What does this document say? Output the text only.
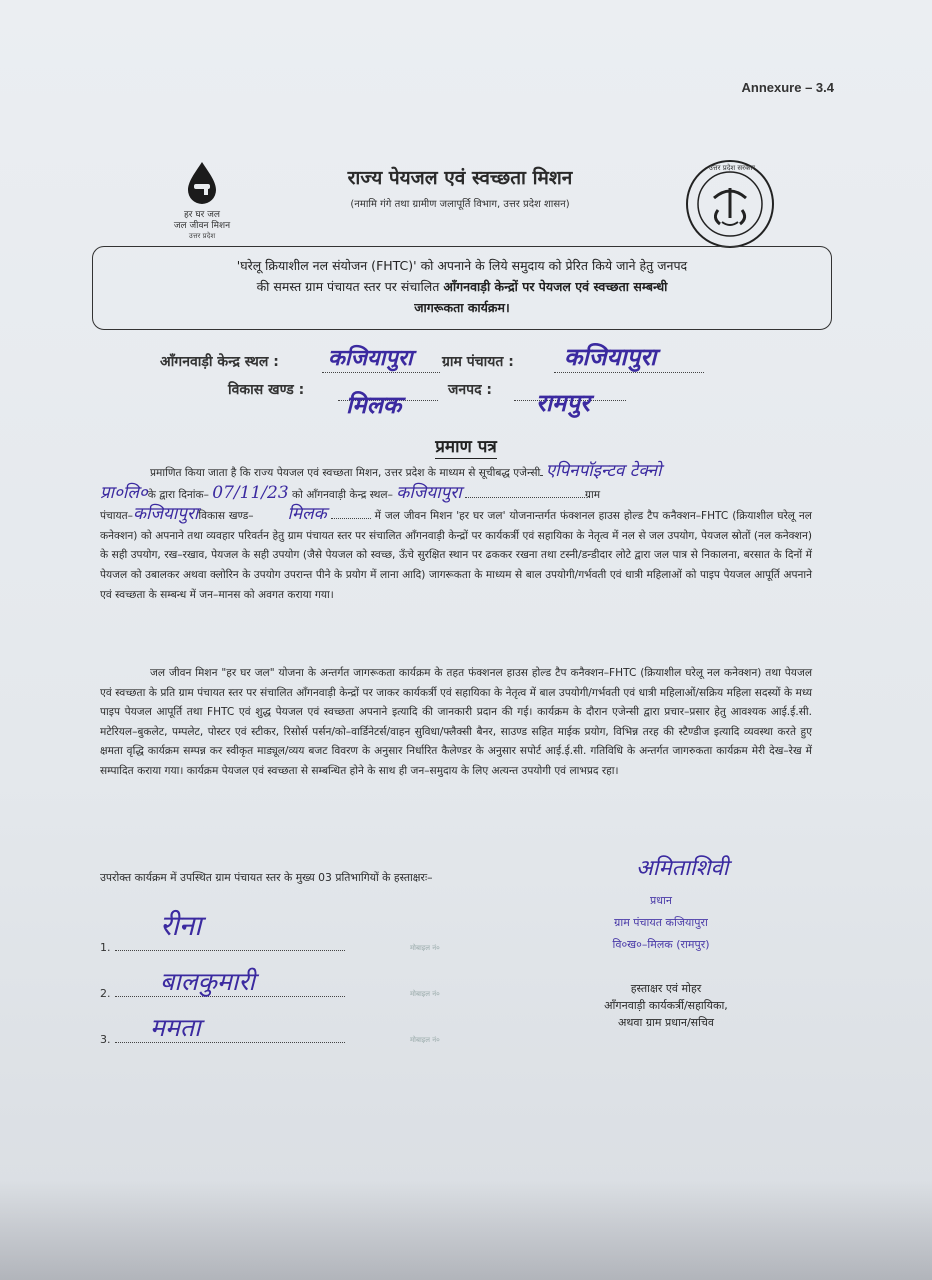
Annexure – 3.4
हर घर जल
जल जीवन मिशन
उत्तर प्रदेश
राज्य पेयजल एवं स्वच्छता मिशन
(नमामि गंगे तथा ग्रामीण जलापूर्ति विभाग, उत्तर प्रदेश शासन)
उत्तर प्रदेश सरकार
'घरेलू क्रियाशील नल संयोजन (FHTC)' को अपनाने के लिये समुदाय को प्रेरित किये जाने हेतु जनपद
की समस्त ग्राम पंचायत स्तर पर संचालित आँगनवाड़ी केन्द्रों पर पेयजल एवं स्वच्छता सम्बन्धी
जागरूकता कार्यक्रम।
आँगनवाड़ी केन्द्र स्थल : कजियापुरा ग्राम पंचायत : कजियापुरा
विकास खण्ड : मिलक	जनपद : रामपुर
प्रमाण पत्र
प्रमाणित किया जाता है कि राज्य पेयजल एवं स्वच्छता मिशन, उत्तर प्रदेश के माध्यम से सूचीबद्ध एजेन्सी एपिनपॉइन्टव टेक्नो
प्रा०लि०के द्वारा दिनांक– 07/11/23 को आँगनवाड़ी केन्द्र स्थल– कजियापुरा	ग्राम
पंचायत–कजियापुराविकास खण्ड– मिलक	में जल जीवन मिशन 'हर घर जल' योजनान्तर्गत फंक्शनल हाउस होल्ड टैप कनैक्शन–FHTC (क्रियाशील घरेलू नल कनेक्शन) को अपनाने तथा व्यवहार परिवर्तन हेतु ग्राम पंचायत स्तर पर संचालित आँगनवाड़ी केन्द्रों पर कार्यकर्त्री एवं सहायिका के नेतृत्व में नल से जल उपयोग, पेयजल स्रोतों (नल कनेक्शन) के सही उपयोग, रख–रखाव, पेयजल के सही उपयोग (जैसे पेयजल को स्वच्छ, ऊँचे सुरक्षित स्थान पर ढककर रखना तथा टस्नी/डन्डीदार लोटे द्वारा जल पात्र से निकालना, बरसात के दिनों में पेयजल को उबालकर अथवा क्लोरिन के उपयोग उपरान्त पीने के प्रयोग में लाना आदि) जागरूकता के माध्यम से बाल उपयोगी/गर्भवती एवं धात्री महिलाओं को पाइप पेयजल आपूर्ति अपनाने एवं स्वच्छता के सम्बन्ध में जन–मानस को अवगत कराया गया।
जल जीवन मिशन "हर घर जल" योजना के अन्तर्गत जागरूकता कार्यक्रम के तहत फंक्शनल हाउस होल्ड टैप कनैक्शन–FHTC (क्रियाशील घरेलू नल कनेक्शन) तथा पेयजल एवं स्वच्छता के प्रति ग्राम पंचायत स्तर पर संचालित आँगनवाड़ी केन्द्रों पर जाकर कार्यकर्त्री एवं सहायिका के नेतृत्व में बाल उपयोगी/गर्भवती एवं धात्री महिलाओं/सक्रिय महिला सदस्यों के मध्य पाइप पेयजल आपूर्ति तथा FHTC एवं शुद्ध पेयजल एवं स्वच्छता अपनाने इत्यादि की जानकारी प्रदान की गई। कार्यक्रम के दौरान एजेन्सी द्वारा प्रचार–प्रसार हेतु आवश्यक आई.ई.सी. मटेरियल–बुकलेट, पम्पलेट, पोस्टर एवं स्टीकर, रिसोर्स पर्सन/को–वार्डिनेटर्स/वाहन सुविधा/फ्लैक्सी बैनर, साउण्ड सहित माईक प्रयोग, विभिन्न तरह की स्टैण्डीज इत्यादि व्यवस्था करते हुए क्षमता वृद्धि कार्यक्रम सम्पन्न कर स्वीकृत माड्यूल/व्यय बजट विवरण के अनुसार निर्धारित कैलेण्डर के अनुसार सपोर्ट आई.ई.सी. गतिविधि के अन्तर्गत जागरुकता कार्यक्रम मेरी देख–रेख में सम्पादित कराया गया। कार्यक्रम पेयजल एवं स्वच्छता से सम्बन्धित होने के साथ ही जन–समुदाय के लिए अत्यन्त उपयोगी एवं लाभप्रद रहा।
उपरोक्त कार्यक्रम में उपस्थित ग्राम पंचायत स्तर के मुख्य 03 प्रतिभागियों के हस्ताक्षरः–
1.
रीना
मोबाइल नं०
2.	बालकुमारी	मोबाइल नं०
3.	ममता	मोबाइल नं०
अमिताशिवी
प्रधान
ग्राम पंचायत कजियापुरा
वि०ख०–मिलक (रामपुर)
हस्ताक्षर एवं मोहर
आँगनवाड़ी कार्यकर्त्री/सहायिका,
अथवा ग्राम प्रधान/सचिव
